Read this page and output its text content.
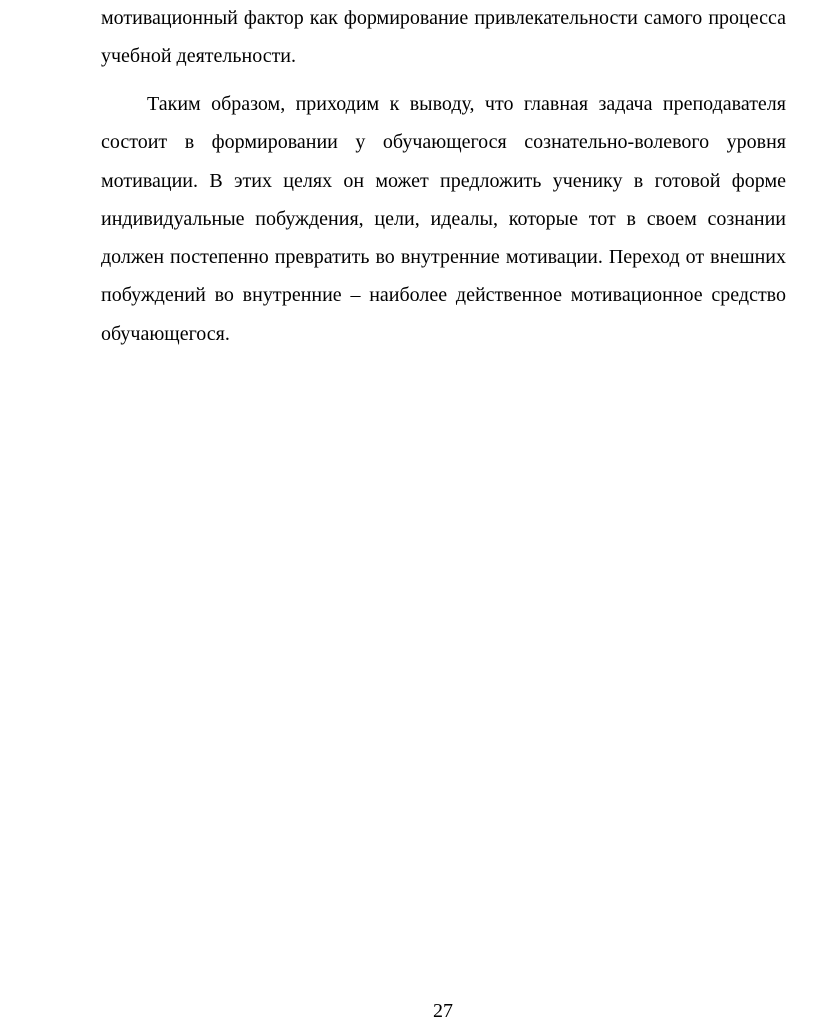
мотивационный фактор как формирование привлекательности самого процесса учебной деятельности.

Таким образом, приходим к выводу, что главная задача преподавателя состоит в формировании у обучающегося сознательно-волевого уровня мотивации. В этих целях он может предложить ученику в готовой форме индивидуальные побуждения, цели, идеалы, которые тот в своем сознании должен постепенно превратить во внутренние мотивации. Переход от внешних побуждений во внутренние – наиболее действенное мотивационное средство обучающегося.

27
